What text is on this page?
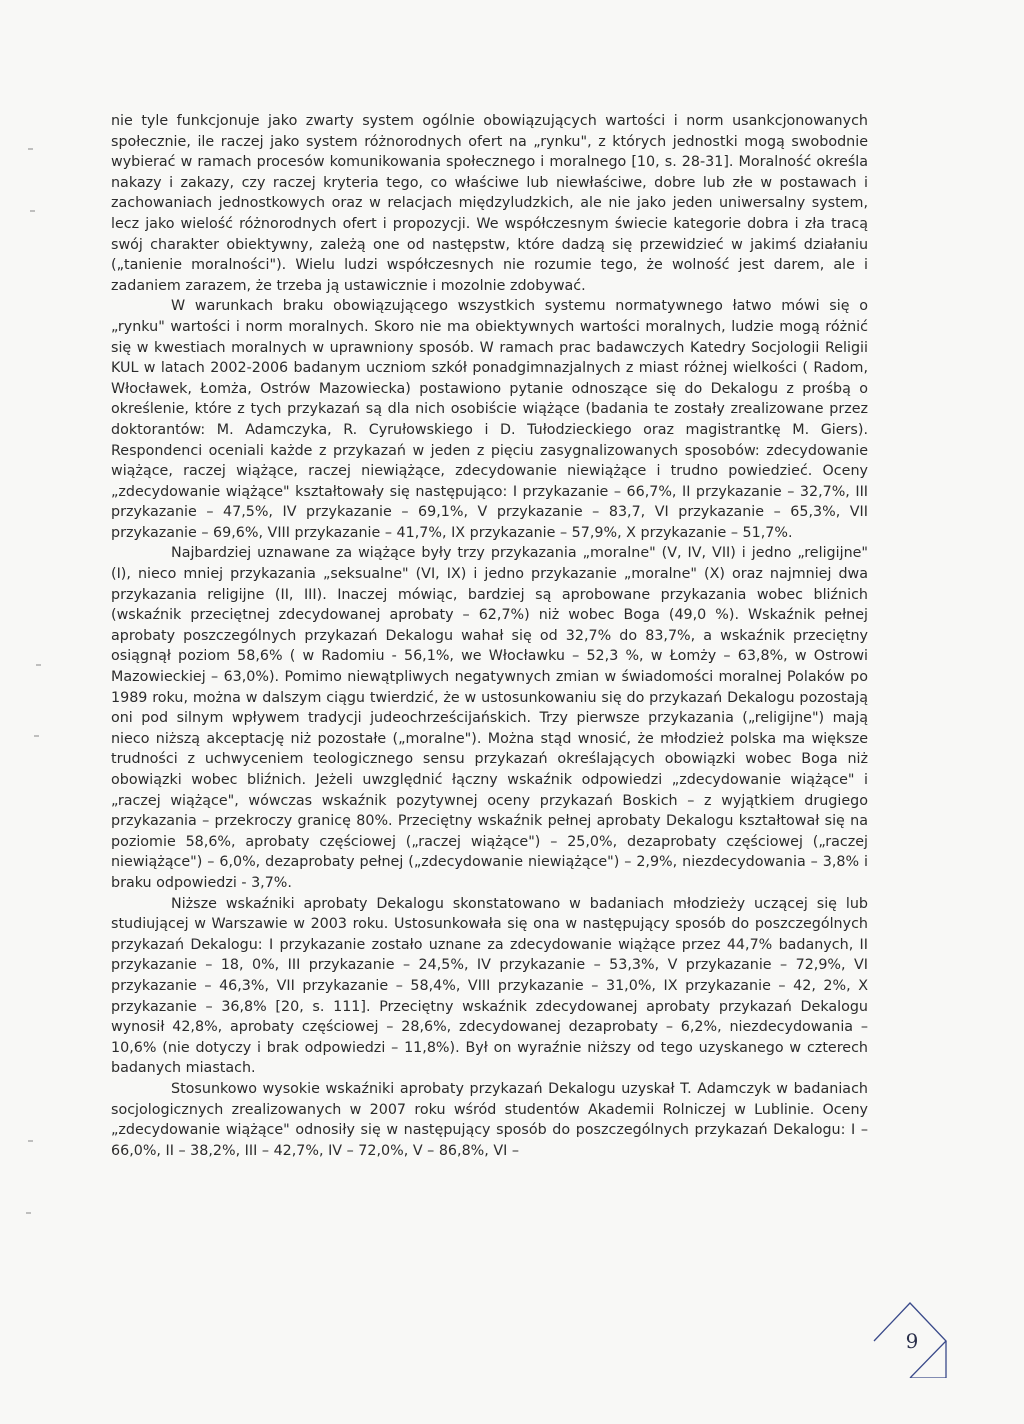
nie tyle funkcjonuje jako zwarty system ogólnie obowiązujących wartości i norm usankcjonowanych społecznie, ile raczej jako system różnorodnych ofert na „rynku", z których jednostki mogą swobodnie wybierać w ramach procesów komunikowania społecznego i moralnego [10, s. 28-31]. Moralność określa nakazy i zakazy, czy raczej kryteria tego, co właściwe lub niewłaściwe, dobre lub złe w postawach i zachowaniach jednostkowych oraz w relacjach międzyludzkich, ale nie jako jeden uniwersalny system, lecz jako wielość różnorodnych ofert i propozycji. We współczesnym świecie kategorie dobra i zła tracą swój charakter obiektywny, zależą one od następstw, które dadzą się przewidzieć w jakimś działaniu („tanienie moralności"). Wielu ludzi współczesnych nie rozumie tego, że wolność jest darem, ale i zadaniem zarazem, że trzeba ją ustawicznie i mozolnie zdobywać.

W warunkach braku obowiązującego wszystkich systemu normatywnego łatwo mówi się o „rynku" wartości i norm moralnych. Skoro nie ma obiektywnych wartości moralnych, ludzie mogą różnić się w kwestiach moralnych w uprawniony sposób. W ramach prac badawczych Katedry Socjologii Religii KUL w latach 2002-2006 badanym uczniom szkół ponadgimnazjalnych z miast różnej wielkości ( Radom, Włocławek, Łomża, Ostrów Mazowiecka) postawiono pytanie odnoszące się do Dekalogu z prośbą o określenie, które z tych przykazań są dla nich osobiście wiążące (badania te zostały zrealizowane przez doktorantów: M. Adamczyka, R. Cyrułowskiego i D. Tułodzieckiego oraz magistrantkę M. Giers). Respondenci oceniali każde z przykazań w jeden z pięciu zasygnalizowanych sposobów: zdecydowanie wiążące, raczej wiążące, raczej niewiążące, zdecydowanie niewiążące i trudno powiedzieć. Oceny „zdecydowanie wiążące" kształtowały się następująco: I przykazanie – 66,7%, II przykazanie – 32,7%, III przykazanie – 47,5%, IV przykazanie – 69,1%, V przykazanie – 83,7, VI przykazanie – 65,3%, VII przykazanie – 69,6%, VIII przykazanie – 41,7%, IX przykazanie – 57,9%, X przykazanie – 51,7%.

Najbardziej uznawane za wiążące były trzy przykazania „moralne" (V, IV, VII) i jedno „religijne" (I), nieco mniej przykazania „seksualne" (VI, IX) i jedno przykazanie „moralne" (X) oraz najmniej dwa przykazania religijne (II, III). Inaczej mówiąc, bardziej są aprobowane przykazania wobec bliźnich (wskaźnik przeciętnej zdecydowanej aprobaty – 62,7%) niż wobec Boga (49,0 %). Wskaźnik pełnej aprobaty poszczególnych przykazań Dekalogu wahał się od 32,7% do 83,7%, a wskaźnik przeciętny osiągnął poziom 58,6% ( w Radomiu - 56,1%, we Włocławku – 52,3 %, w Łomży – 63,8%, w Ostrowi Mazowieckiej – 63,0%). Pomimo niewątpliwych negatywnych zmian w świadomości moralnej Polaków po 1989 roku, można w dalszym ciągu twierdzić, że w ustosunkowaniu się do przykazań Dekalogu pozostają oni pod silnym wpływem tradycji judeochrześcijańskich. Trzy pierwsze przykazania („religijne") mają nieco niższą akceptację niż pozostałe („moralne"). Można stąd wnosić, że młodzież polska ma większe trudności z uchwyceniem teologicznego sensu przykazań określających obowiązki wobec Boga niż obowiązki wobec bliźnich. Jeżeli uwzględnić łączny wskaźnik odpowiedzi „zdecydowanie wiążące" i „raczej wiążące", wówczas wskaźnik pozytywnej oceny przykazań Boskich – z wyjątkiem drugiego przykazania – przekroczy granicę 80%. Przeciętny wskaźnik pełnej aprobaty Dekalogu kształtował się na poziomie 58,6%, aprobaty częściowej („raczej wiążące") – 25,0%, dezaprobaty częściowej („raczej niewiążące") – 6,0%, dezaprobaty pełnej („zdecydowanie niewiążące") – 2,9%, niezdecydowania – 3,8% i braku odpowiedzi - 3,7%.

Niższe wskaźniki aprobaty Dekalogu skonstatowano w badaniach młodzieży uczącej się lub studiującej w Warszawie w 2003 roku. Ustosunkowała się ona w następujący sposób do poszczególnych przykazań Dekalogu: I przykazanie zostało uznane za zdecydowanie wiążące przez 44,7% badanych, II przykazanie – 18, 0%, III przykazanie – 24,5%, IV przykazanie – 53,3%, V przykazanie – 72,9%, VI przykazanie – 46,3%, VII przykazanie – 58,4%, VIII przykazanie – 31,0%, IX przykazanie – 42, 2%, X przykazanie – 36,8% [20, s. 111]. Przeciętny wskaźnik zdecydowanej aprobaty przykazań Dekalogu wynosił 42,8%, aprobaty częściowej – 28,6%, zdecydowanej dezaprobaty – 6,2%, niezdecydowania – 10,6% (nie dotyczy i brak odpowiedzi – 11,8%). Był on wyraźnie niższy od tego uzyskanego w czterech badanych miastach.

Stosunkowo wysokie wskaźniki aprobaty przykazań Dekalogu uzyskał T. Adamczyk w badaniach socjologicznych zrealizowanych w 2007 roku wśród studentów Akademii Rolniczej w Lublinie. Oceny „zdecydowanie wiążące" odnosiły się w następujący sposób do poszczególnych przykazań Dekalogu: I – 66,0%, II – 38,2%, III – 42,7%, IV – 72,0%, V – 86,8%, VI –

9
